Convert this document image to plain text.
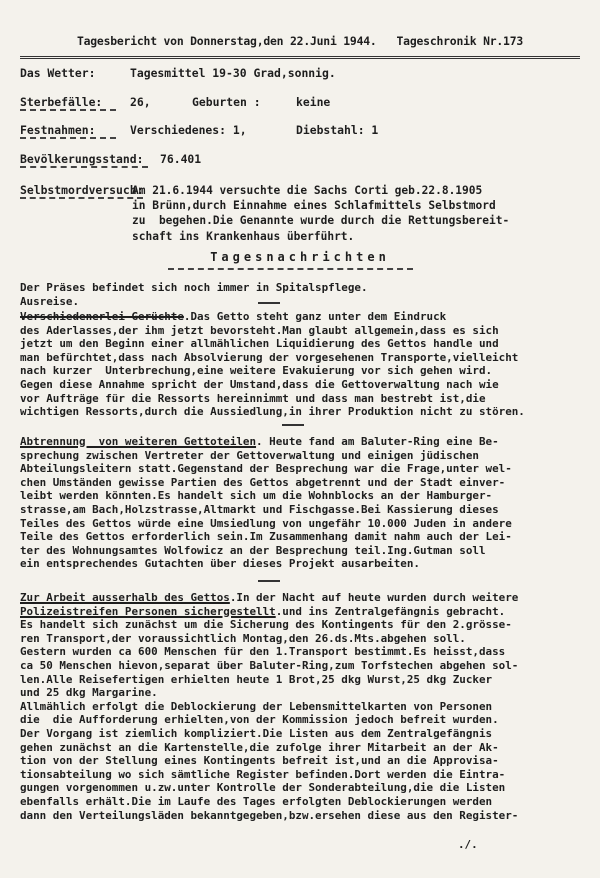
Tagesbericht von Donnerstag,den 22.Juni 1944.   Tageschronik Nr.173
Das Wetter:	Tagesmittel 19-30 Grad,sonnig.
Sterbefälle: 26,	Geburten :	keine
Festnahmen:	Verschiedenes: 1,	Diebstahl: 1
Bevölkerungsstand: 76.401
Selbstmordversuch:
Am 21.6.1944 versuchte die Sachs Corti geb.22.8.1905
in Brünn,durch Einnahme eines Schlafmittels Selbstmord
zu  begehen.Die Genannte wurde durch die Rettungsbereit-
schaft ins Krankenhaus überführt.
Tagesnachrichten
Der Präses befindet sich noch immer in Spitalspflege.
Ausreise.
Verschiedenerlei Gerüchte.Das Getto steht ganz unter dem Eindruck
des Aderlasses,der ihm jetzt bevorsteht.Man glaubt allgemein,dass es sich
jetzt um den Beginn einer allmählichen Liquidierung des Gettos handle und
man befürchtet,dass nach Absolvierung der vorgesehenen Transporte,vielleicht
nach kurzer  Unterbrechung,eine weitere Evakuierung vor sich gehen wird.
Gegen diese Annahme spricht der Umstand,dass die Gettoverwaltung nach wie
vor Aufträge für die Ressorts hereinnimmt und dass man bestrebt ist,die
wichtigen Ressorts,durch die Aussiedlung,in ihrer Produktion nicht zu stören.
Abtrennung  von weiteren Gettoteilen. Heute fand am Baluter-Ring eine Be-
sprechung zwischen Vertreter der Gettoverwaltung und einigen jüdischen
Abteilungsleitern statt.Gegenstand der Besprechung war die Frage,unter wel-
chen Umständen gewisse Partien des Gettos abgetrennt und der Stadt einver-
leibt werden könnten.Es handelt sich um die Wohnblocks an der Hamburger-
strasse,am Bach,Holzstrasse,Altmarkt und Fischgasse.Bei Kassierung dieses
Teiles des Gettos würde eine Umsiedlung von ungefähr 10.000 Juden in andere
Teile des Gettos erforderlich sein.Im Zusammenhang damit nahm auch der Lei-
ter des Wohnungsamtes Wolfowicz an der Besprechung teil.Ing.Gutman soll
ein entsprechendes Gutachten über dieses Projekt ausarbeiten.
Zur Arbeit ausserhalb des Gettos.In der Nacht auf heute wurden durch weitere
Polizeistreifen Personen sichergestellt.und ins Zentralgefängnis gebracht.
Es handelt sich zunächst um die Sicherung des Kontingents für den 2.grösse-
ren Transport,der voraussichtlich Montag,den 26.ds.Mts.abgehen soll.
Gestern wurden ca 600 Menschen für den 1.Transport bestimmt.Es heisst,dass
ca 50 Menschen hievon,separat über Baluter-Ring,zum Torfstechen abgehen sol-
len.Alle Reisefertigen erhielten heute 1 Brot,25 dkg Wurst,25 dkg Zucker
und 25 dkg Margarine.
Allmählich erfolgt die Deblockierung der Lebensmittelkarten von Personen
die  die Aufforderung erhielten,von der Kommission jedoch befreit wurden.
Der Vorgang ist ziemlich kompliziert.Die Listen aus dem Zentralgefängnis
gehen zunächst an die Kartenstelle,die zufolge ihrer Mitarbeit an der Ak-
tion von der Stellung eines Kontingents befreit ist,und an die Approvisa-
tionsabteilung wo sich sämtliche Register befinden.Dort werden die Eintra-
gungen vorgenommen u.zw.unter Kontrolle der Sonderabteilung,die die Listen
ebenfalls erhält.Die im Laufe des Tages erfolgten Deblockierungen werden
dann den Verteilungsläden bekanntgegeben,bzw.ersehen diese aus den Register-
./.
